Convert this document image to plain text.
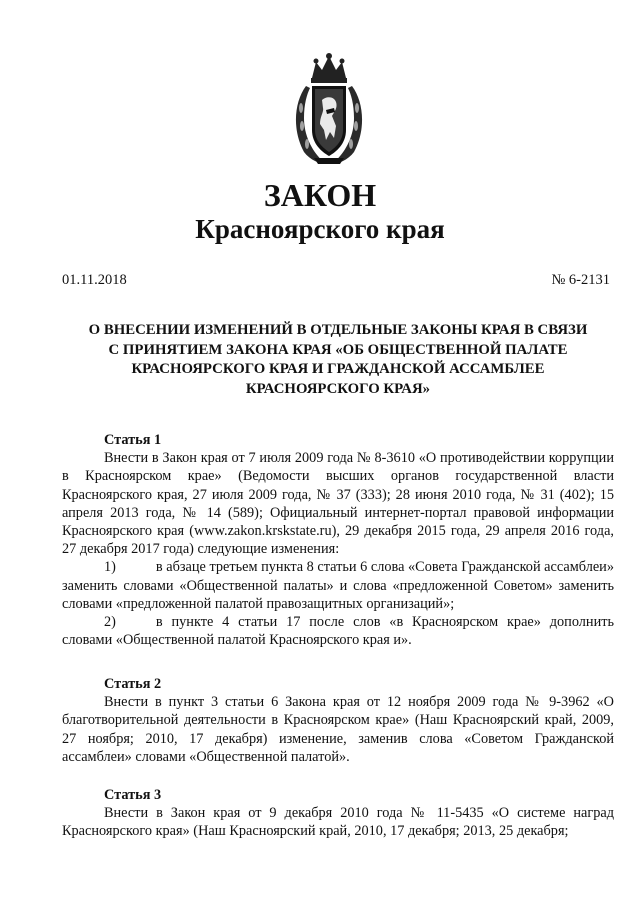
ЗАКОН
Красноярского края
01.11.2018	№ 6-2131
О ВНЕСЕНИИ ИЗМЕНЕНИЙ В ОТДЕЛЬНЫЕ ЗАКОНЫ КРАЯ В СВЯЗИ
С ПРИНЯТИЕМ ЗАКОНА КРАЯ «ОБ ОБЩЕСТВЕННОЙ ПАЛАТЕ
КРАСНОЯРСКОГО КРАЯ И ГРАЖДАНСКОЙ АССАМБЛЕЕ
КРАСНОЯРСКОГО КРАЯ»

Статья 1

Внести в Закон края от 7 июля 2009 года № 8-3610 «О противодействии коррупции в Красноярском крае» (Ведомости высших органов государственной власти Красноярского края, 27 июля 2009 года, № 37 (333); 28 июня 2010 года, № 31 (402); 15 апреля 2013 года, № 14 (589); Официальный интернет-портал правовой информации Красноярского края (www.zakon.krskstate.ru), 29 декабря 2015 года, 29 апреля 2016 года, 27 декабря 2017 года) следующие изменения:

1)	в абзаце третьем пункта 8 статьи 6 слова «Совета Гражданской ассамблеи» заменить словами «Общественной палаты» и слова «предложенной Советом» заменить словами «предложенной палатой правозащитных организаций»;

2)	в пункте 4 статьи 17 после слов «в Красноярском крае» дополнить словами «Общественной палатой Красноярского края и».

Статья 2

Внести в пункт 3 статьи 6 Закона края от 12 ноября 2009 года № 9-3962 «О благотворительной деятельности в Красноярском крае» (Наш Красноярский край, 2009, 27 ноября; 2010, 17 декабря) изменение, заменив слова «Советом Гражданской ассамблеи» словами «Общественной палатой».

Статья 3

Внести в Закон края от 9 декабря 2010 года № 11-5435 «О системе наград Красноярского края» (Наш Красноярский край, 2010, 17 декабря; 2013, 25 декабря;
